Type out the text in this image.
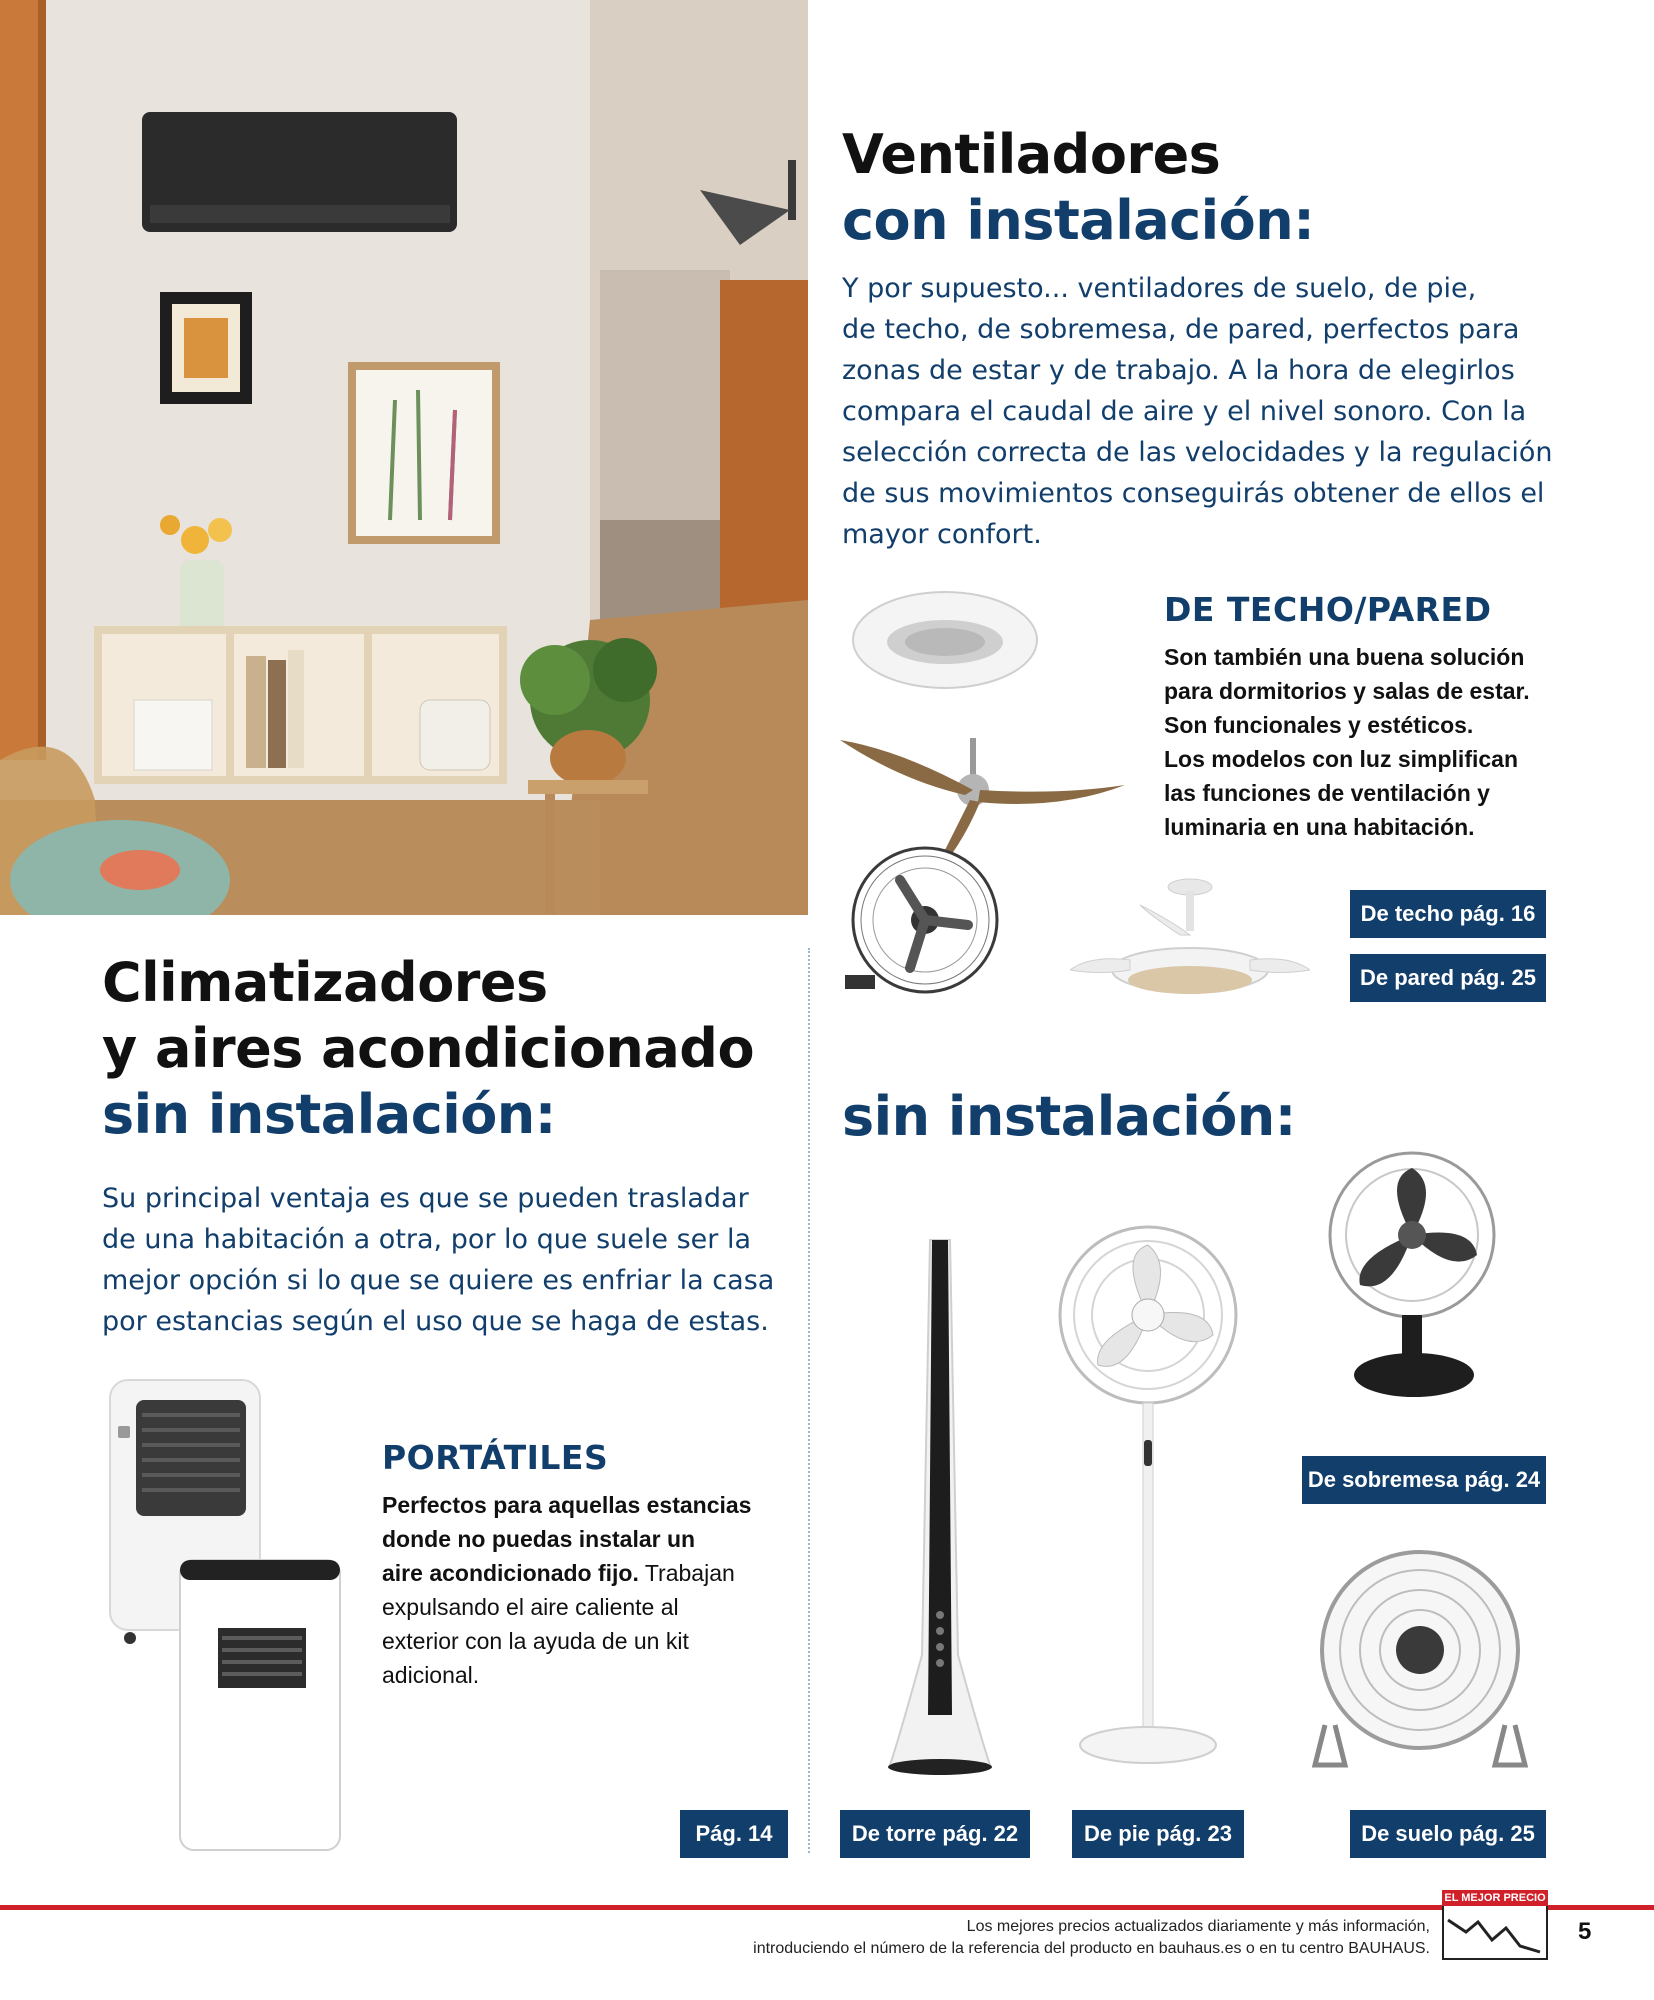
Ventiladores
con instalación:
Y por supuesto... ventiladores de suelo, de pie,
de techo, de sobremesa, de pared, perfectos para
zonas de estar y de trabajo. A la hora de elegirlos
compara el caudal de aire y el nivel sonoro. Con la
selección correcta de las velocidades y la regulación
de sus movimientos conseguirás obtener de ellos el
mayor confort.
DE TECHO/PARED
Son también una buena solución
para dormitorios y salas de estar.
Son funcionales y estéticos.
Los modelos con luz simplifican
las funciones de ventilación y
luminaria en una habitación.
De techo pág. 16
De pared pág. 25
Climatizadores
y aires acondicionado
sin instalación:
Su principal ventaja es que se pueden trasladar
de una habitación a otra, por lo que suele ser la
mejor opción si lo que se quiere es enfriar la casa
por estancias según el uso que se haga de estas.
PORTÁTILES
Perfectos para aquellas estancias
donde no puedas instalar un
aire acondicionado fijo. Trabajan
expulsando el aire caliente al
exterior con la ayuda de un kit
adicional.
Pág. 14
sin instalación:
De sobremesa pág. 24
De torre pág. 22	De pie pág. 23	De suelo pág. 25
Los mejores precios actualizados diariamente y más información,
introduciendo el número de la referencia del producto en bauhaus.es o en tu centro BAUHAUS.
EL MEJOR PRECIO
5
